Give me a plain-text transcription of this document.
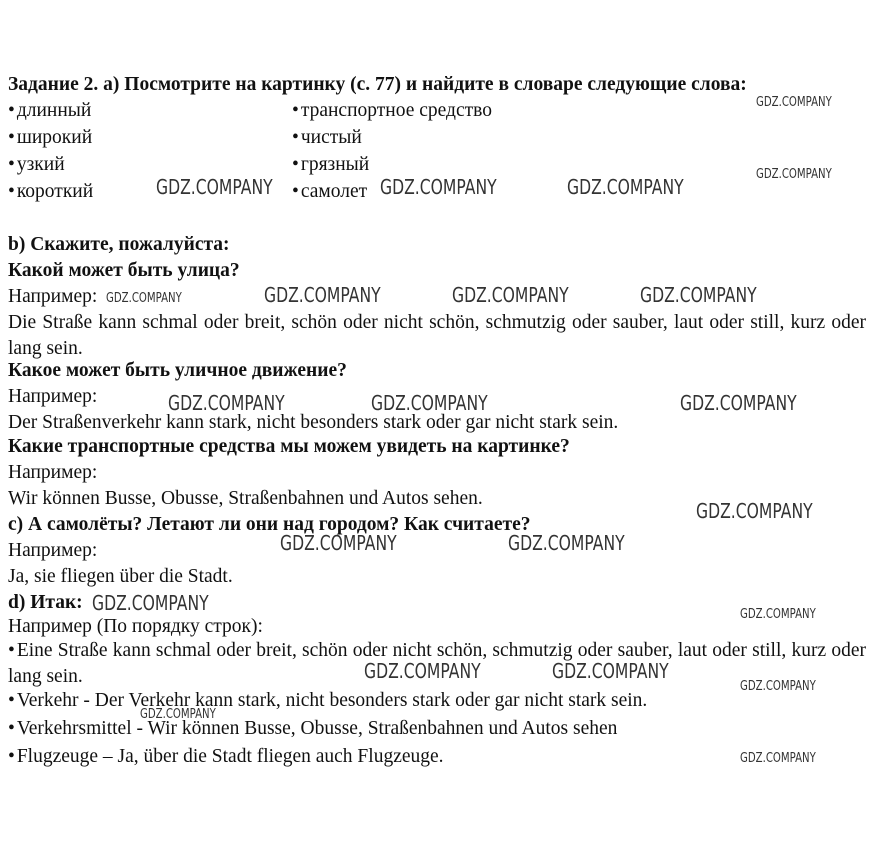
Задание 2. а) Посмотрите на картинку (с. 77) и найдите в словаре следующие слова:
• длинный
• широкий
• узкий
• короткий
• транспортное средство
• чистый
• грязный
• самолет
b) Скажите, пожалуйста:
Какой может быть улица?
Например:
Die Straße kann schmal oder breit, schön oder nicht schön, schmutzig oder sauber, laut oder still, kurz oder lang sein.
Какое может быть уличное движение?
Например:
Der Straßenverkehr kann stark, nicht besonders stark oder gar nicht stark sein.
Какие транспортные средства мы можем увидеть на картинке?
Например:
Wir können Busse, Obusse, Straßenbahnen und Autos sehen.
c) А самолёты? Летают ли они над городом? Как считаете?
Например:
Ja, sie fliegen über die Stadt.
d) Итак:
Например (По порядку строк):
• Eine Straße kann schmal oder breit, schön oder nicht schön, schmutzig oder sauber, laut oder still, kurz oder lang sein.
• Verkehr - Der Verkehr kann stark, nicht besonders stark oder gar nicht stark sein.
• Verkehrsmittel - Wir können Busse, Obusse, Straßenbahnen und Autos sehen
• Flugzeuge – Ja, über die Stadt fliegen auch Flugzeuge.
GDZ.COMPANY
GDZ.COMPANY
GDZ.COMPANY	GDZ.COMPANY	GDZ.COMPANY
GDZ.COMPANY	GDZ.COMPANY	GDZ.COMPANY	GDZ.COMPANY
GDZ.COMPANY	GDZ.COMPANY	GDZ.COMPANY
GDZ.COMPANY
GDZ.COMPANY	GDZ.COMPANY
GDZ.COMPANY	GDZ.COMPANY
GDZ.COMPANY	GDZ.COMPANY
GDZ.COMPANY
GDZ.COMPANY
GDZ.COMPANY
